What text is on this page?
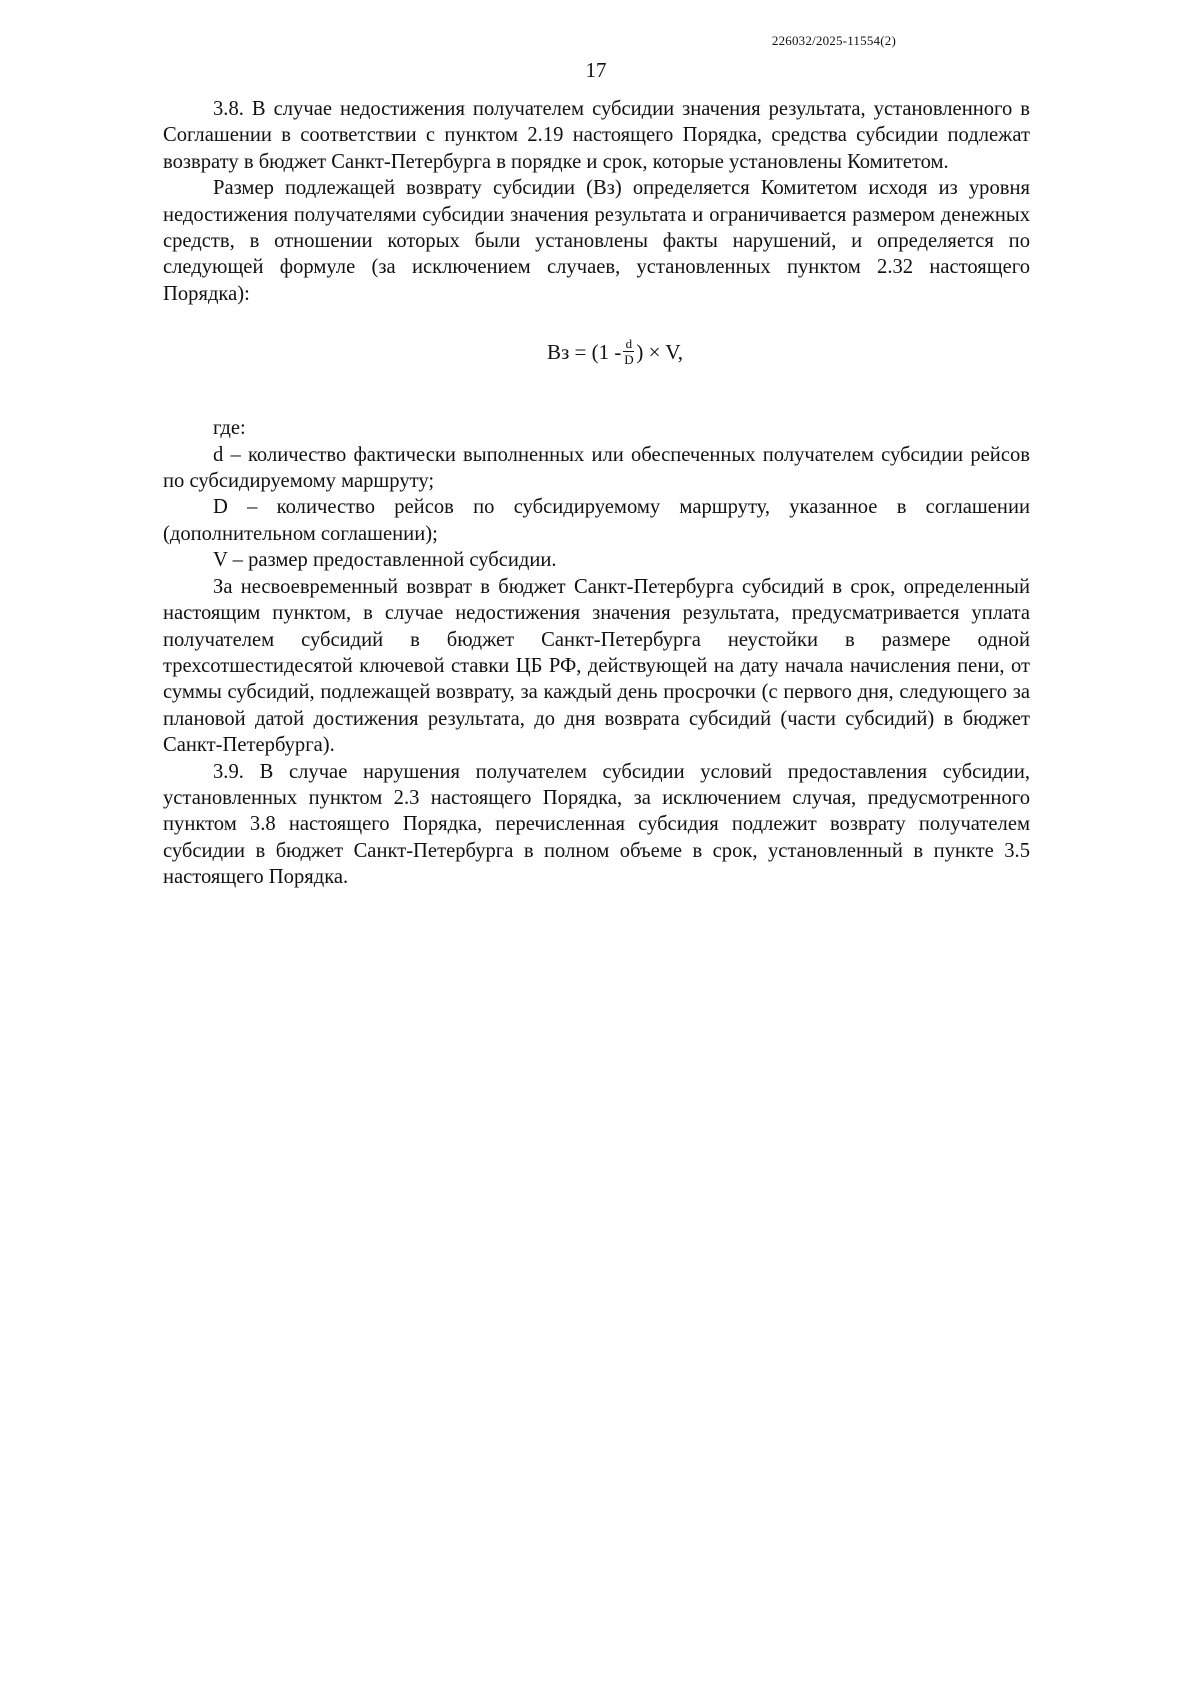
226032/2025-11554(2)
17

3.8. В случае недостижения получателем субсидии значения результата, установленного в Соглашении в соответствии с пунктом 2.19 настоящего Порядка, средства субсидии подлежат возврату в бюджет Санкт-Петербурга в порядке и срок, которые установлены Комитетом.

Размер подлежащей возврату субсидии (Вз) определяется Комитетом исходя из уровня недостижения получателями субсидии значения результата и ограничивается размером денежных средств, в отношении которых были установлены факты нарушений, и определяется по следующей формуле (за исключением случаев, установленных пунктом 2.32 настоящего Порядка):

Вз = ($1 - \frac{d}{D}$ ) × V,

где:

d – количество фактически выполненных или обеспеченных получателем субсидии рейсов по субсидируемому маршруту;

D – количество рейсов по субсидируемому маршруту, указанное в соглашении (дополнительном соглашении);

V – размер предоставленной субсидии.

За несвоевременный возврат в бюджет Санкт-Петербурга субсидий в срок, определенный настоящим пунктом, в случае недостижения значения результата, предусматривается уплата получателем субсидий в бюджет Санкт-Петербурга неустойки в размере одной трехсотшестидесятой ключевой ставки ЦБ РФ, действующей на дату начала начисления пени, от суммы субсидий, подлежащей возврату, за каждый день просрочки (с первого дня, следующего за плановой датой достижения результата, до дня возврата субсидий (части субсидий) в бюджет Санкт-Петербурга).

3.9. В случае нарушения получателем субсидии условий предоставления субсидии, установленных пунктом 2.3 настоящего Порядка, за исключением случая, предусмотренного пунктом 3.8 настоящего Порядка, перечисленная субсидия подлежит возврату получателем субсидии в бюджет Санкт-Петербурга в полном объеме в срок, установленный в пункте 3.5 настоящего Порядка.
